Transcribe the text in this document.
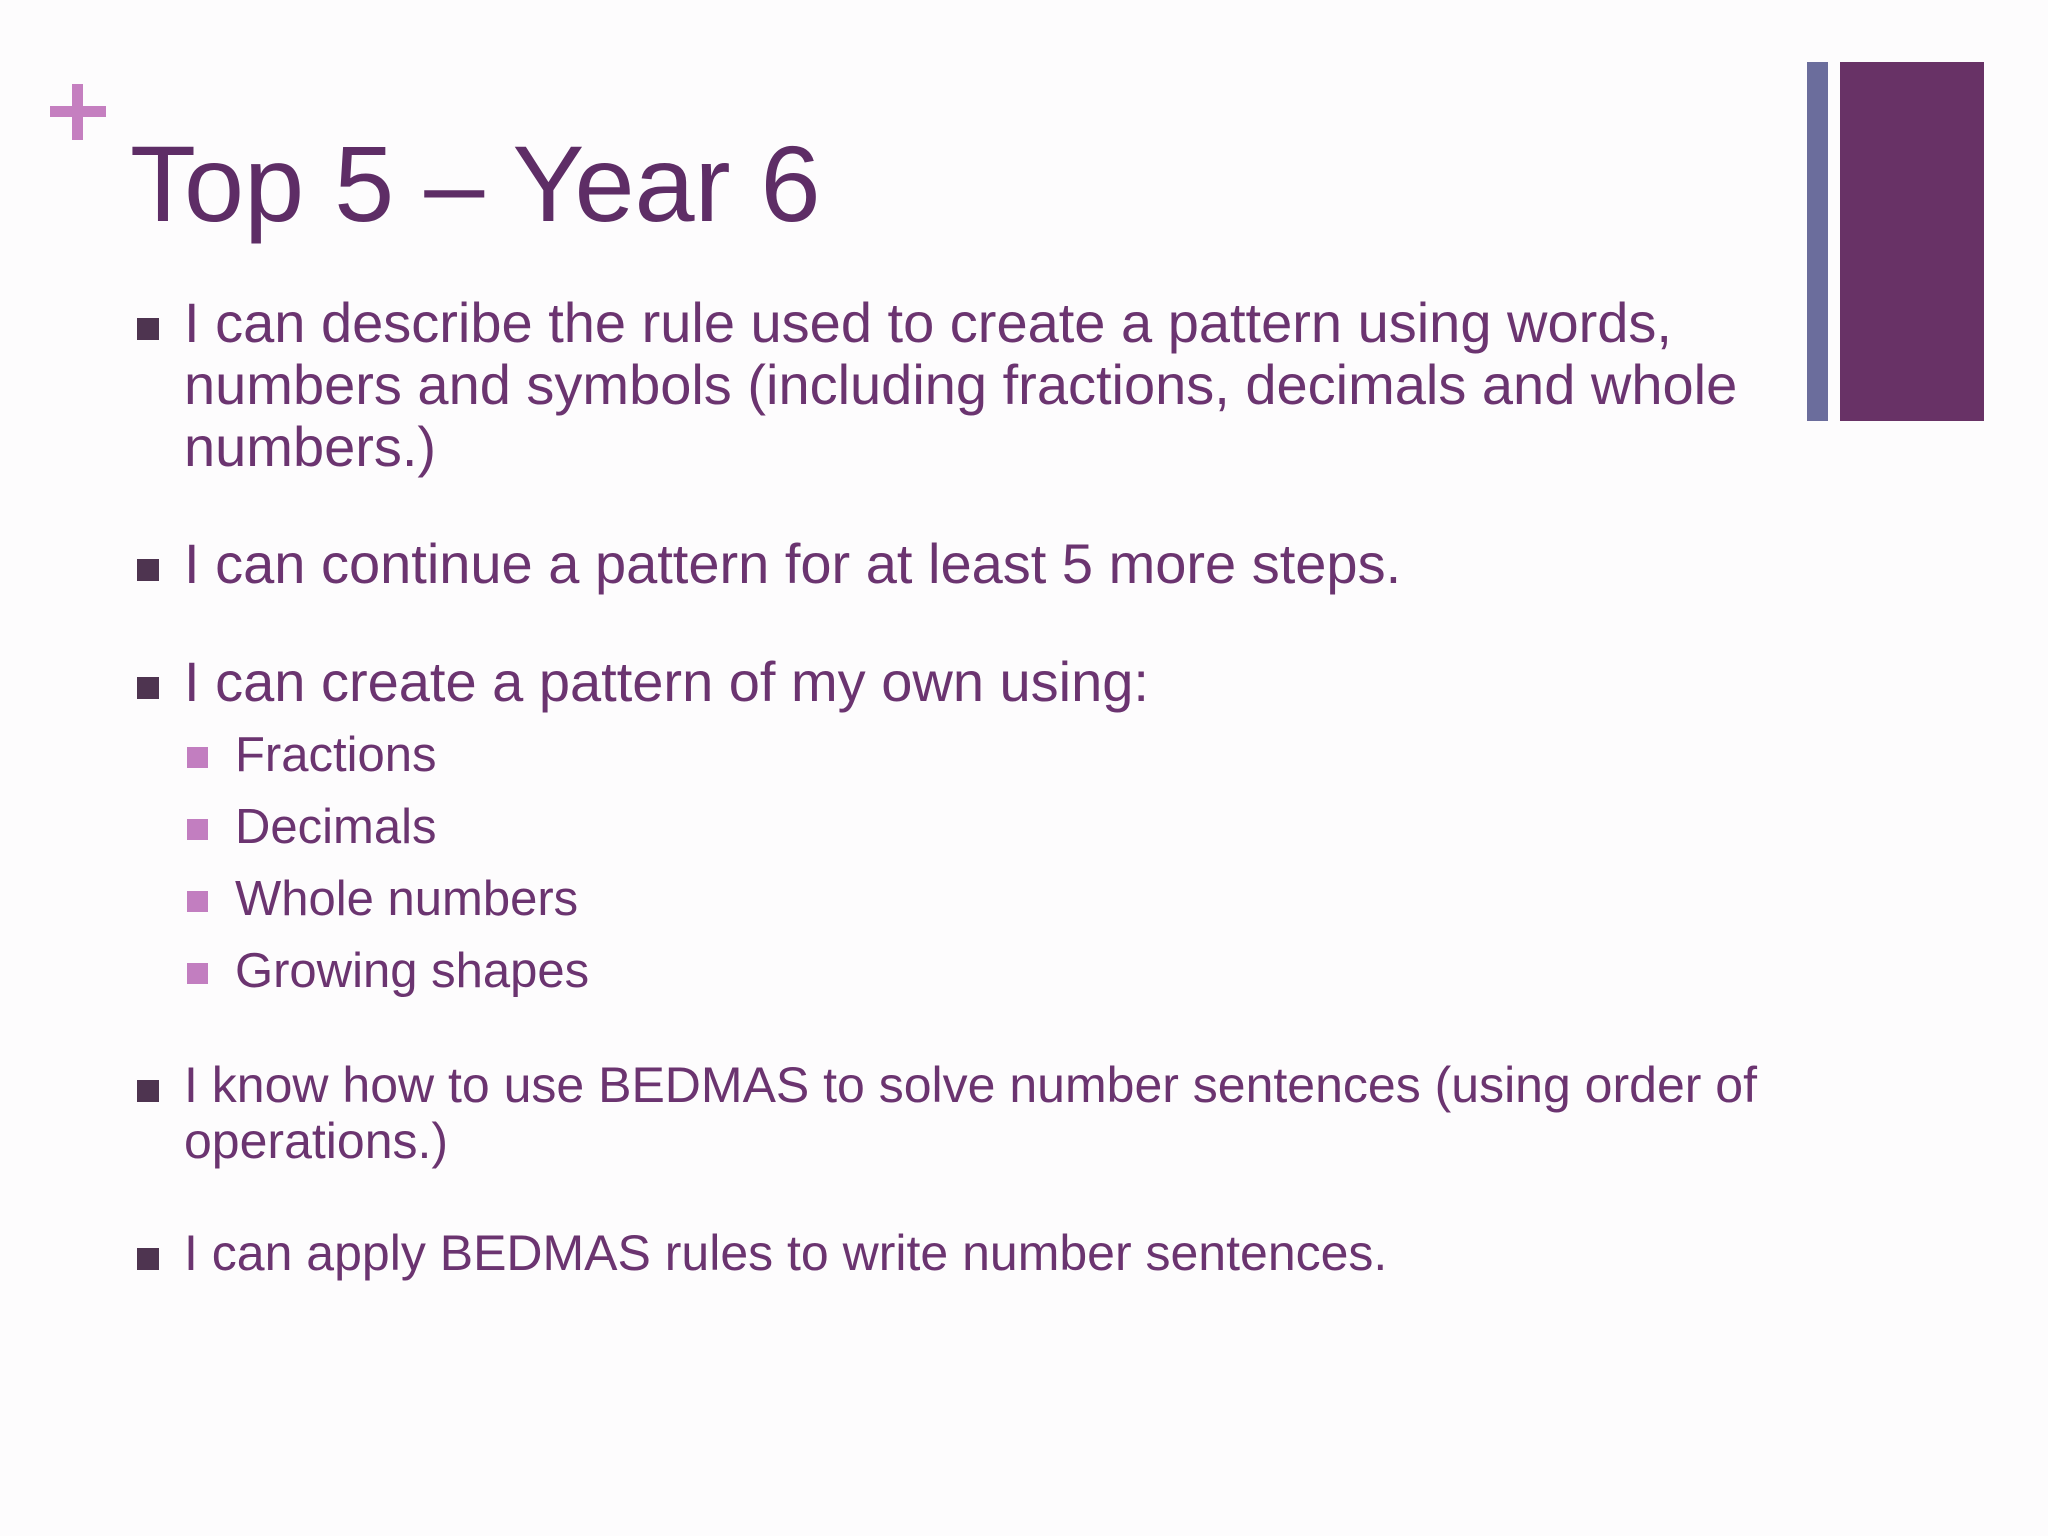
Top 5 – Year 6
I can describe the rule used to create a pattern using words, numbers and symbols (including fractions, decimals and whole numbers.)
I can continue a pattern for at least 5 more steps.
I can create a pattern of my own using:
Fractions
Decimals
Whole numbers
Growing shapes
I know how to use BEDMAS to solve number sentences (using order of operations.)
I can apply BEDMAS rules to write number sentences.
